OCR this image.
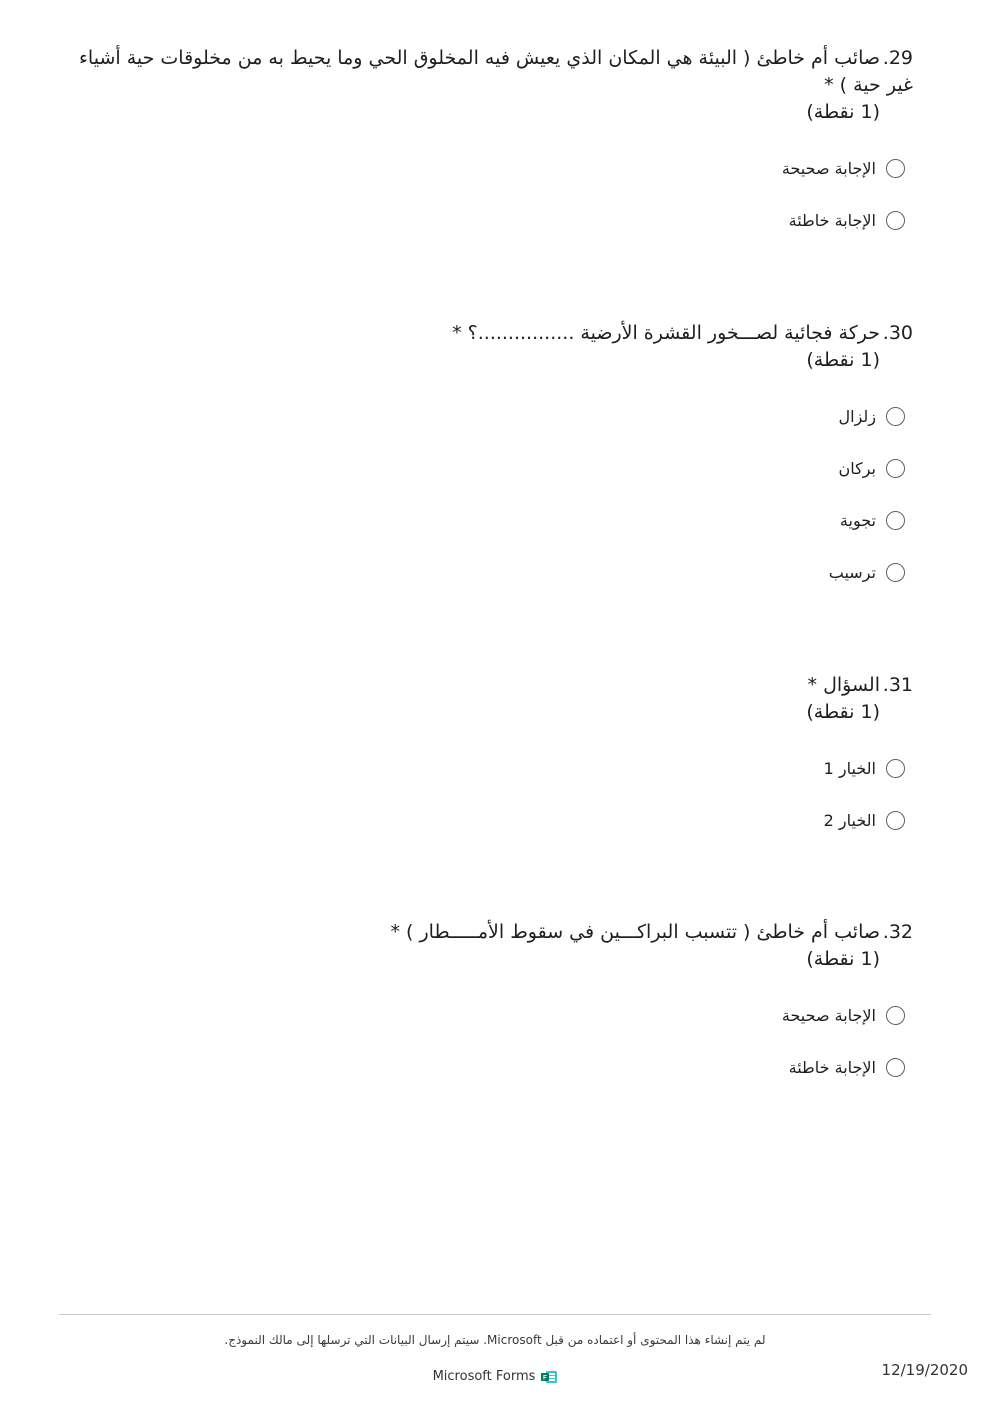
29.صائب أم خاطئ ( البيئة هي المكان الذي يعيش فيه المخلوق الحي وما يحيط به من مخلوقات حية أشياء غير حية ) *

(1 نقطة)
الإجابة صحيحة
الإجابة خاطئة

30.حركة فجائية لصـــخور القشرة الأرضية ................؟ *

(1 نقطة)
زلزال
بركان
تجوية
ترسيب

31.السؤال *

(1 نقطة)
الخيار 1
الخيار 2

32.صائب أم خاطئ ( تتسبب البراكـــين في سقوط الأمـــــطار ) *

(1 نقطة)
الإجابة صحيحة
الإجابة خاطئة
لم يتم إنشاء هذا المحتوى أو اعتماده من قبل Microsoft. سيتم إرسال البيانات التي ترسلها إلى مالك النموذج.
Microsoft Forms F	12/19/2020
